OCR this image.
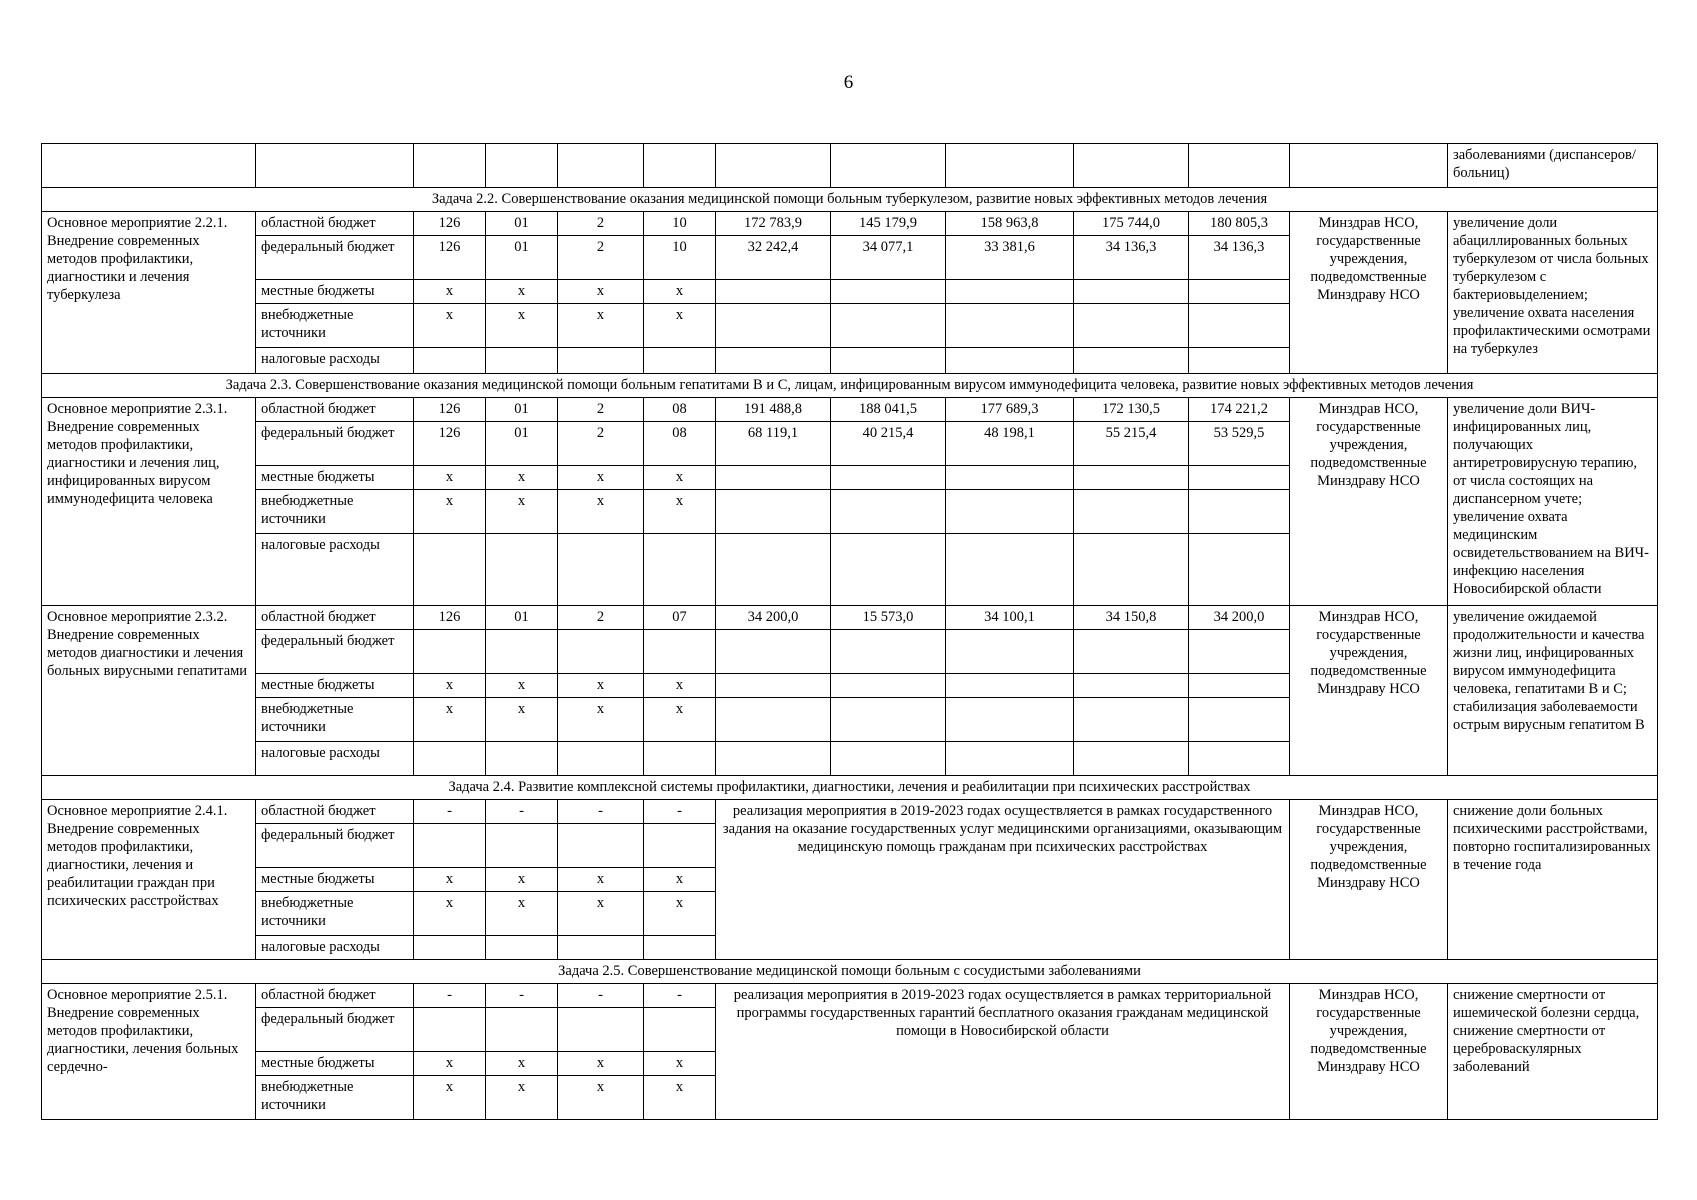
6
												заболеваниями (диспансеров/больниц)
Задача 2.2. Совершенствование оказания медицинской помощи больным туберкулезом, развитие новых эффективных методов лечения												
Основное мероприятие 2.2.1. Внедрение современных методов профилактики, диагностики и лечения туберкулеза	областной бюджет	126	01	2	10	172 783,9	145 179,9	158 963,8	175 744,0	180 805,3	Минздрав НСО, государственные учреждения, подведомственные Минздраву НСО	увеличение доли абациллированных больных туберкулезом от числа больных туберкулезом с бактериовыделением; увеличение охвата населения профилактическими осмотрами на туберкулез
	федеральный бюджет	126	01	2	10	32 242,4	34 077,1	33 381,6	34 136,3	34 136,3		
	местные бюджеты	x	x	x	x							
	внебюджетные источники	x	x	x	x							
	налоговые расходы											
Задача 2.3. Совершенствование оказания медицинской помощи больным гепатитами B и C, лицам, инфицированным вирусом иммунодефицита человека, развитие новых эффективных методов лечения												
Основное мероприятие 2.3.1. Внедрение современных методов профилактики, диагностики и лечения лиц, инфицированных вирусом иммунодефицита человека	областной бюджет	126	01	2	08	191 488,8	188 041,5	177 689,3	172 130,5	174 221,2	Минздрав НСО, государственные учреждения, подведомственные Минздраву НСО	увеличение доли ВИЧ-инфицированных лиц, получающих антиретровирусную терапию, от числа состоящих на диспансерном учете; увеличение охвата медицинским освидетельствованием на ВИЧ-инфекцию населения Новосибирской области
	федеральный бюджет	126	01	2	08	68 119,1	40 215,4	48 198,1	55 215,4	53 529,5		
	местные бюджеты	x	x	x	x							
	внебюджетные источники	x	x	x	x							
	налоговые расходы											
Основное мероприятие 2.3.2. Внедрение современных методов диагностики и лечения больных вирусными гепатитами	областной бюджет	126	01	2	07	34 200,0	15 573,0	34 100,1	34 150,8	34 200,0	Минздрав НСО, государственные учреждения, подведомственные Минздраву НСО	увеличение ожидаемой продолжительности и качества жизни лиц, инфицированных вирусом иммунодефицита человека, гепатитами B и C; стабилизация заболеваемости острым вирусным гепатитом B
	федеральный бюджет											
	местные бюджеты	x	x	x	x							
	внебюджетные источники	x	x	x	x							
	налоговые расходы											
Задача 2.4. Развитие комплексной системы профилактики, диагностики, лечения и реабилитации при психических расстройствах												
Основное мероприятие 2.4.1. Внедрение современных методов профилактики, диагностики, лечения и реабилитации граждан при психических расстройствах	областной бюджет	-	-	-	-	реализация мероприятия в 2019-2023 годах осуществляется в рамках государственного задания на оказание государственных услуг медицинскими организациями, оказывающим медицинскую помощь гражданам при психических расстройствах					Минздрав НСО, государственные учреждения, подведомственные Минздраву НСО	снижение доли больных психическими расстройствами, повторно госпитализированных в течение года
	федеральный бюджет											
	местные бюджеты	x	x	x	x							
	внебюджетные источники	x	x	x	x							
	налоговые расходы											
Задача 2.5. Совершенствование медицинской помощи больным с сосудистыми заболеваниями												
Основное мероприятие 2.5.1. Внедрение современных методов профилактики, диагностики, лечения больных сердечно-	областной бюджет	-	-	-	-	реализация мероприятия в 2019-2023 годах осуществляется в рамках территориальной программы государственных гарантий бесплатного оказания гражданам медицинской помощи в Новосибирской области					Минздрав НСО, государственные учреждения, подведомственные Минздраву НСО	снижение смертности от ишемической болезни сердца, снижение смертности от цереброваскулярных заболеваний
	федеральный бюджет											
	местные бюджеты	x	x	x	x							
	внебюджетные источники	x	x	x	x							
